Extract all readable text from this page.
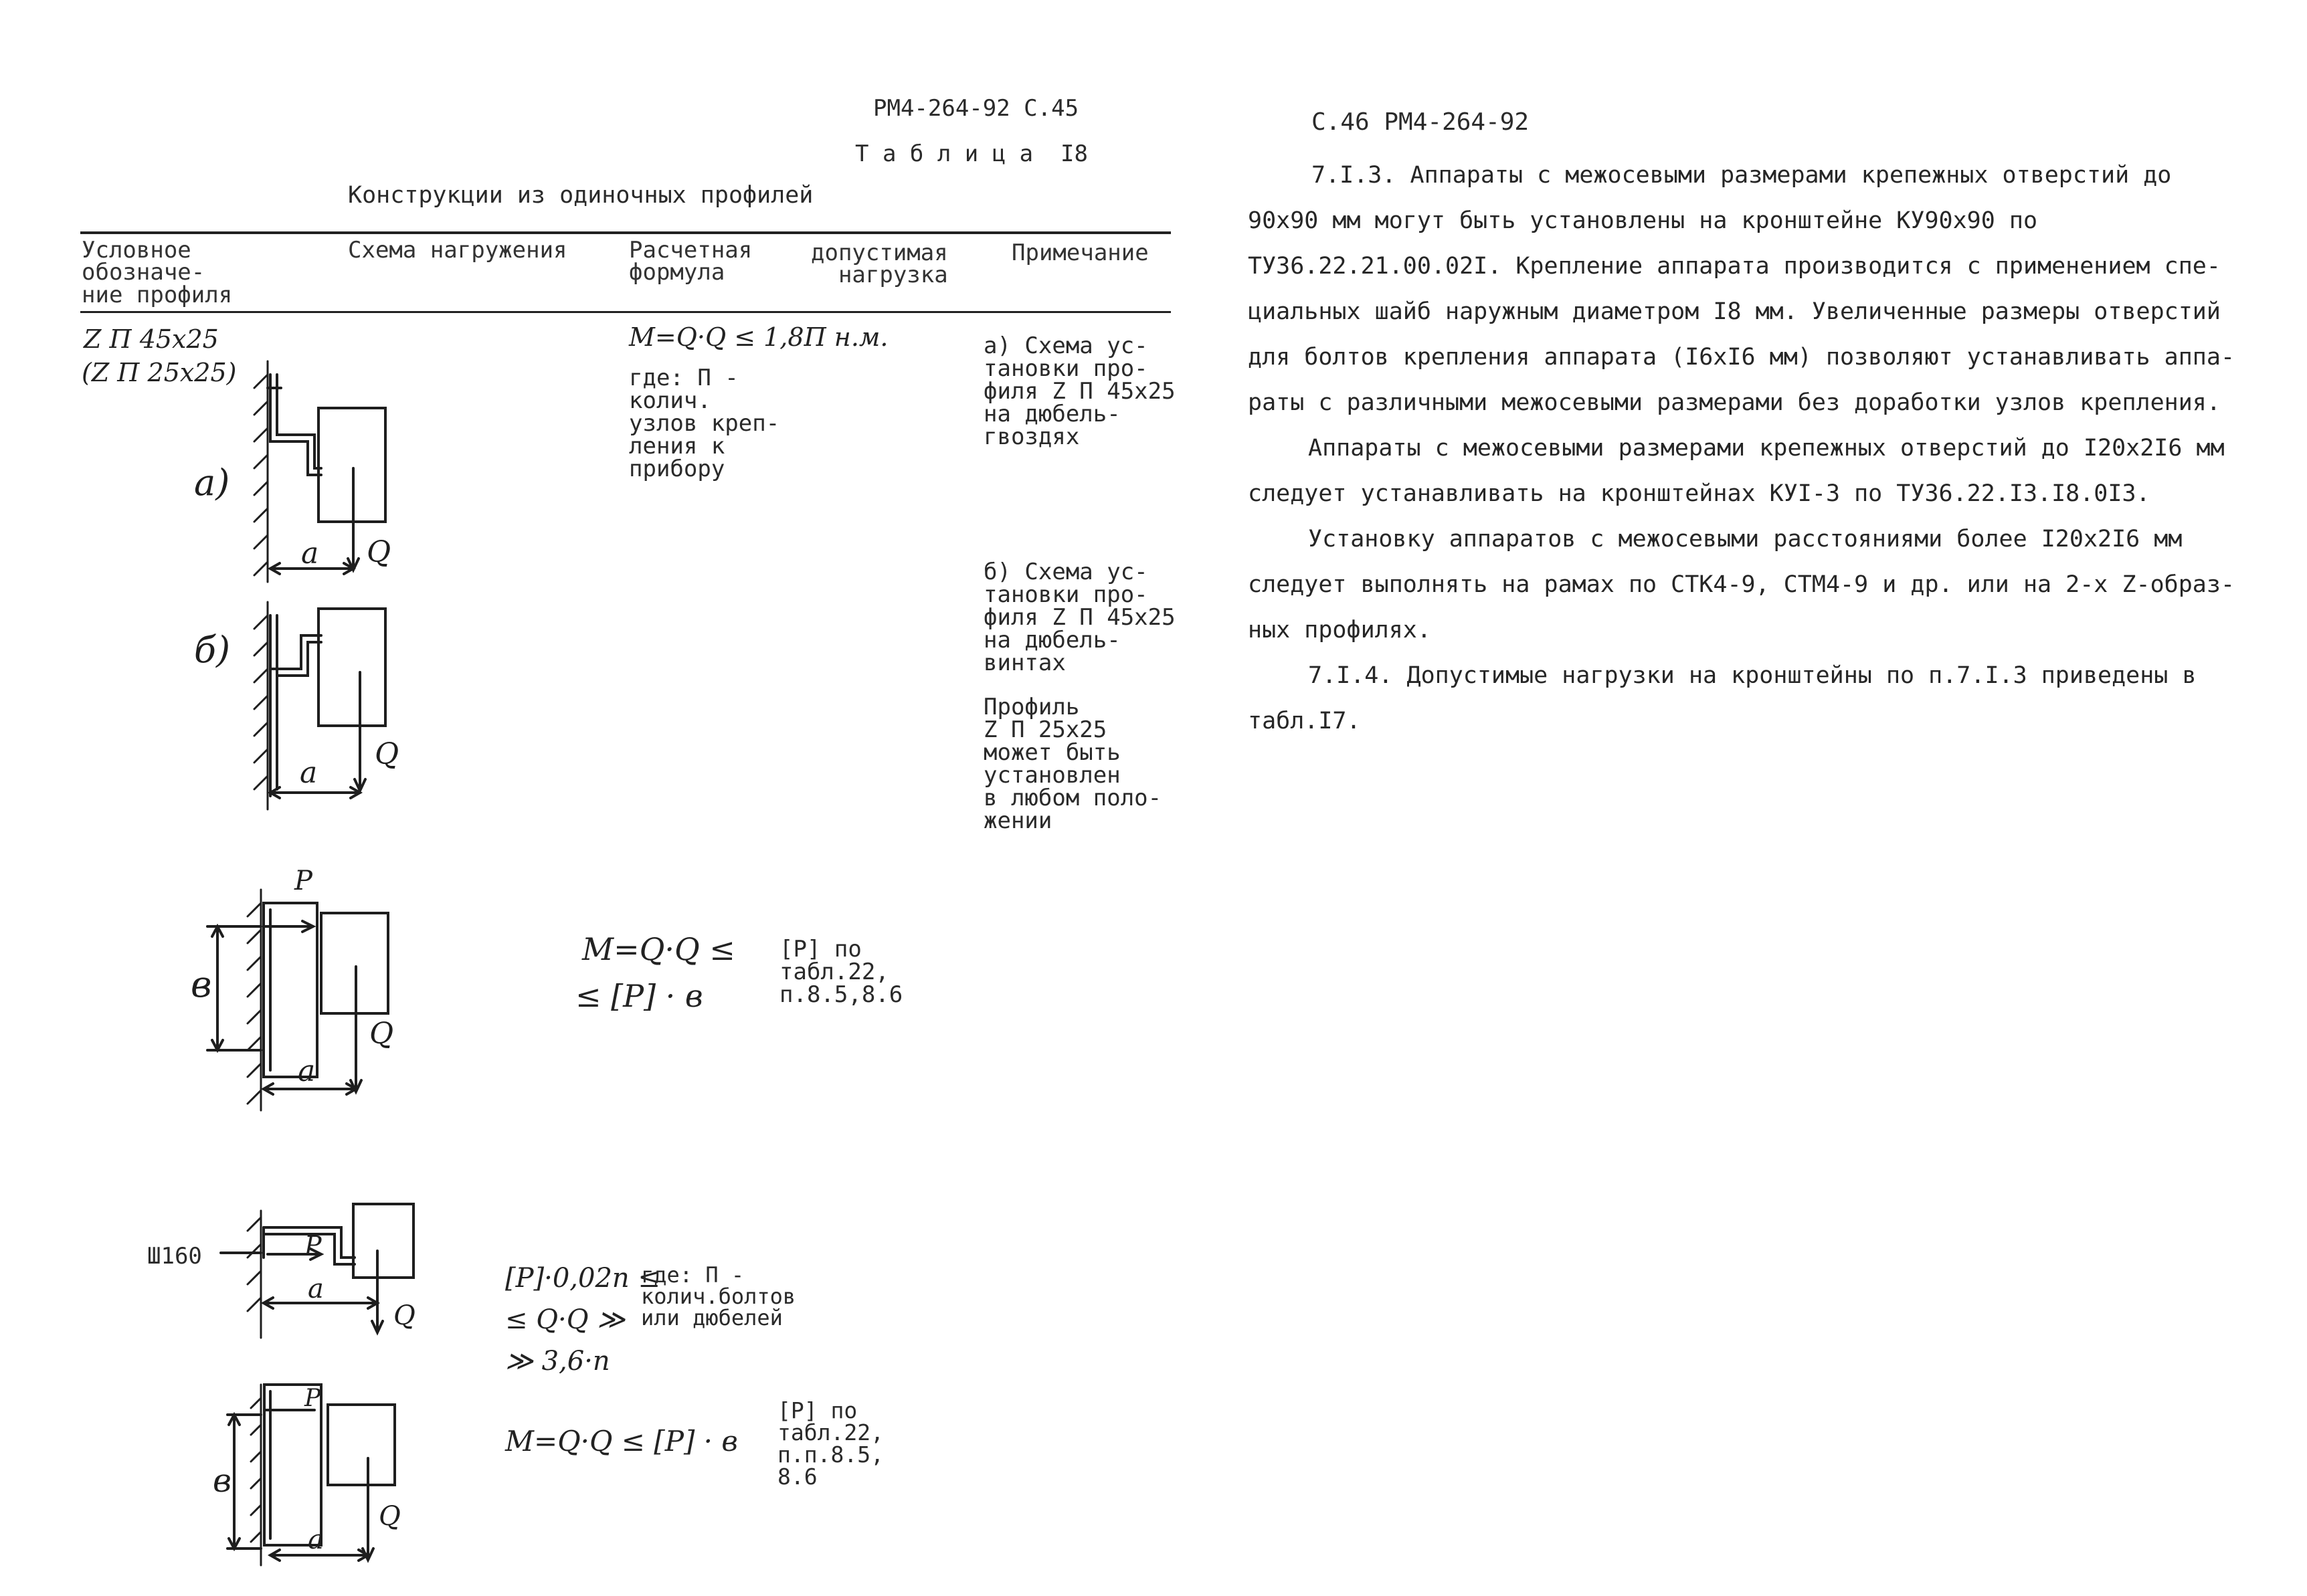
РМ4-264-92 С.45
Т а б л и ц а  I8
Конструкции из одиночных профилей
Условное
обозначе-
ние профиля
Схема нагружения	Расчетная
формула
допустимая
нагрузка
Примечание
Z П 45х25
(Z П 25х25)
M=Q·Q ≤ 1,8П н.м.
где: П -
колич.
узлов креп-
ления к
прибору
а) Схема ус-
тановки про-
филя Z П 45х25
на дюбель-
гвоздях
б) Схема ус-
тановки про-
филя Z П 45х25
на дюбель-
винтах
Профиль
Z П 25х25
может быть
установлен
в любом поло-
жении
а Q
а)
а
Q
б)
P
а
Q
в
M=Q·Q ≤
≤ [P] · в
[P] по
табл.22,
п.8.5,8.6
Ш160	P
а
Q
[P]·0,02n ≤
≤ Q·Q ≫
≫ 3,6·n
где: П -
колич.болтов
или дюбелей
P
а
Q
в
M=Q·Q ≤ [P] · в
[P] по
табл.22,
п.п.8.5,
8.6
С.46 РМ4-264-92
7.I.3. Аппараты с межосевыми размерами крепежных отверстий до
90х90 мм могут быть установлены на кронштейне КУ90х90 по
ТУ36.22.21.00.02I. Крепление аппарата производится с применением спе-
циальных шайб наружным диаметром I8 мм. Увеличенные размеры отверстий
для болтов крепления аппарата (I6хI6 мм) позволяют устанавливать аппа-
раты с различными межосевыми размерами без доработки узлов крепления.
Аппараты с межосевыми размерами крепежных отверстий до I20х2I6 мм
следует устанавливать на кронштейнах КУI-3 по ТУ36.22.I3.I8.0I3.
Установку аппаратов с межосевыми расстояниями более I20х2I6 мм
следует выполнять на рамах по СТК4-9, СТМ4-9 и др. или на 2-х Z-образ-
ных профилях.
7.I.4. Допустимые нагрузки на кронштейны по п.7.I.3 приведены в
табл.I7.
